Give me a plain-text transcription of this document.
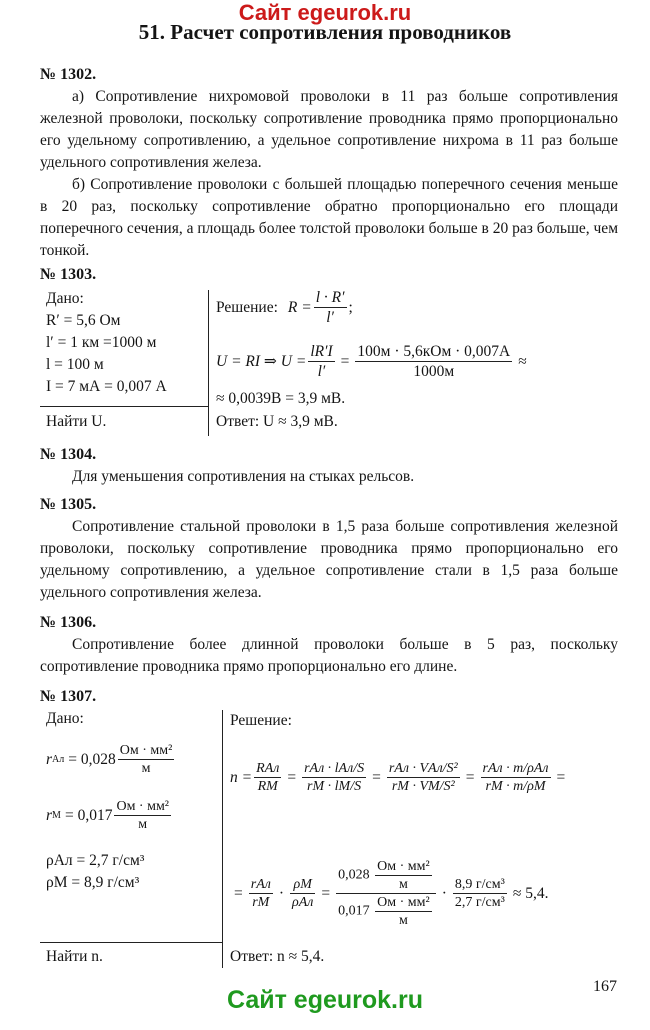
Сайт egeurok.ru
51. Расчет сопротивления проводников
№ 1302.
а) Сопротивление нихромовой проволоки в 11 раз больше сопротивления железной проволоки, поскольку сопротивление проводника прямо пропорционально его удельному сопротивлению, а удельное сопротивление нихрома в 11 раз больше удельного сопротивления железа.
б) Сопротивление проволоки с большей площадью поперечного сечения меньше в 20 раз, поскольку сопротивление обратно пропорционально его площади поперечного сечения, а площадь более толстой проволоки больше в 20 раз больше, чем тонкой.
№ 1303.
Дано:
R′ = 5,6 Ом
l′ = 1 км =1000 м
l = 100 м
I = 7 мА = 0,007 А
Найти U.
Решение: $R = \frac{l \cdot R'}{l'}$ ;
U = RI ⇒ $U = \frac{lR'I}{l'} = \frac{\text{100м · 5,6кОм · 0,007А}}{1000м}$ ≈
≈ 0,0039В = 3,9 мВ.
Ответ: U ≈ 3,9 мВ.
№ 1304.
Для уменьшения сопротивления на стыках рельсов.
№ 1305.
Сопротивление стальной проволоки в 1,5 раза больше сопротивления железной проволоки, поскольку сопротивление проводника прямо пропорционально его удельному сопротивлению, а удельное сопротивление стали в 1,5 раза больше удельного сопротивления железа.
№ 1306.
Сопротивление более длинной проволоки больше в 5 раз, поскольку сопротивление проводника прямо пропорционально его длине.
№ 1307.
Дано:
r Ал = $0,028 \frac{\text{Ом · мм²}}{м}$
r $М = 0,017 \frac{\text{Ом · мм²}}{м}$
ρАл = 2,7 г/см³
ρМ = 8,9 г/см³
Найти n.
Решение:
$n = \frac{\text{RАл}}{RМ} = \frac{\text{rАл · lАл/S}}{rМ \cdot lМ/S} = \frac{\text{rАл · VАл/S²}}{\text{rМ · VМ/S²}} = \frac{\text{rАл · m/ρАл}}{rМ \cdot m/\rho М}$ =
= $\frac{\text{rАл}}{rМ} \cdot \frac{\rho М}{\text{ρАл}} = \frac{0,028 \frac{\text{Ом · мм²}}{м}}{0,017 \frac{\text{Ом · мм²}}{м}} \cdot \frac{\text{8,9 г/см³}}{\text{2,7 г/см³}} \approx 5,4$.
Ответ: n ≈ 5,4.
167
Сайт egeurok.ru
